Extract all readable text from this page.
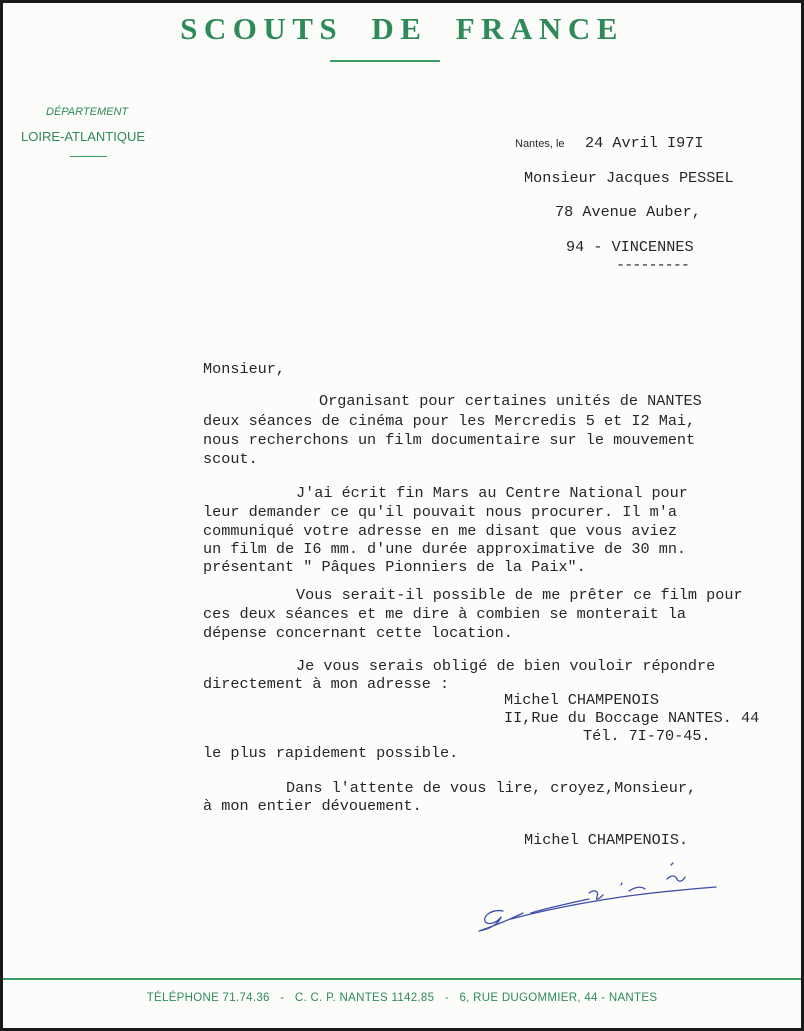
SCOUTS DE FRANCE
DÉPARTEMENT
LOIRE-ATLANTIQUE	Nantes, le 24 Avril I97I
Monsieur Jacques PESSEL
78 Avenue Auber,
94 - VINCENNES
---------
Monsieur,
Organisant pour certaines unités de NANTES
deux séances de cinéma pour les Mercredis 5 et I2 Mai,
nous recherchons un film documentaire sur le mouvement
scout.
J'ai écrit fin Mars au Centre National pour
leur demander ce qu'il pouvait nous procurer. Il m'a
communiqué votre adresse en me disant que vous aviez
un film de I6 mm. d'une durée approximative de 30 mn.
présentant " Pâques Pionniers de la Paix".
Vous serait-il possible de me prêter ce film pour
ces deux séances et me dire à combien se monterait la
dépense concernant cette location.
Je vous serais obligé de bien vouloir répondre
directement à mon adresse :
Michel CHAMPENOIS
II,Rue du Boccage NANTES. 44
Tél. 7I-70-45.
le plus rapidement possible.
Dans l'attente de vous lire, croyez,Monsieur,
à mon entier dévouement.
Michel CHAMPENOIS.
TÉLÉPHONE 71.74.36 - C. C. P. NANTES 1142.85 - 6, RUE DUGOMMIER, 44 - NANTES
